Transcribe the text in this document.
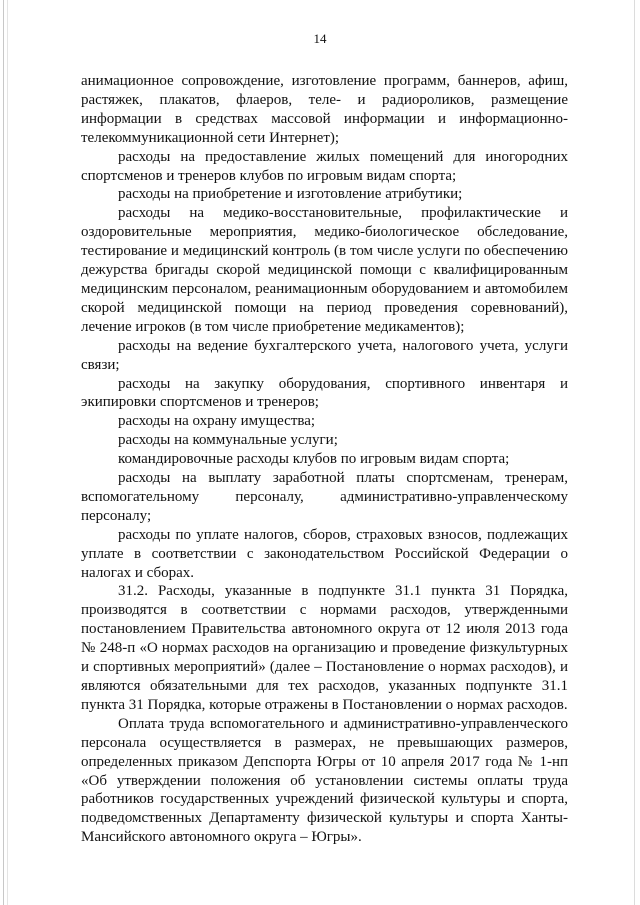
14

анимационное сопровождение, изготовление программ, баннеров, афиш, растяжек, плакатов, флаеров, теле- и радиороликов, размещение информации в средствах массовой информации и информационно-телекоммуникационной сети Интернет);

расходы на предоставление жилых помещений для иногородних спортсменов и тренеров клубов по игровым видам спорта;

расходы на приобретение и изготовление атрибутики;

расходы на медико-восстановительные, профилактические и оздоровительные мероприятия, медико-биологическое обследование, тестирование и медицинский контроль (в том числе услуги по обеспечению дежурства бригады скорой медицинской помощи с квалифицированным медицинским персоналом, реанимационным оборудованием и автомобилем скорой медицинской помощи на период проведения соревнований), лечение игроков (в том числе приобретение медикаментов);

расходы на ведение бухгалтерского учета, налогового учета, услуги связи;

расходы на закупку оборудования, спортивного инвентаря и экипировки спортсменов и тренеров;

расходы на охрану имущества;

расходы на коммунальные услуги;

командировочные расходы клубов по игровым видам спорта;

расходы на выплату заработной платы спортсменам, тренерам, вспомогательному персоналу, административно-управленческому персоналу;

расходы по уплате налогов, сборов, страховых взносов, подлежащих уплате в соответствии с законодательством Российской Федерации о налогах и сборах.

31.2. Расходы, указанные в подпункте 31.1 пункта 31 Порядка, производятся в соответствии с нормами расходов, утвержденными постановлением Правительства автономного округа от 12 июля 2013 года № 248-п «О нормах расходов на организацию и проведение физкультурных и спортивных мероприятий» (далее – Постановление о нормах расходов), и являются обязательными для тех расходов, указанных подпункте 31.1 пункта 31 Порядка, которые отражены в Постановлении о нормах расходов.

Оплата труда вспомогательного и административно-управленческого персонала осуществляется в размерах, не превышающих размеров, определенных приказом Депспорта Югры от 10 апреля 2017 года № 1-нп «Об утверждении положения об установлении системы оплаты труда работников государственных учреждений физической культуры и спорта, подведомственных Департаменту физической культуры и спорта Ханты-Мансийского автономного округа – Югры».
